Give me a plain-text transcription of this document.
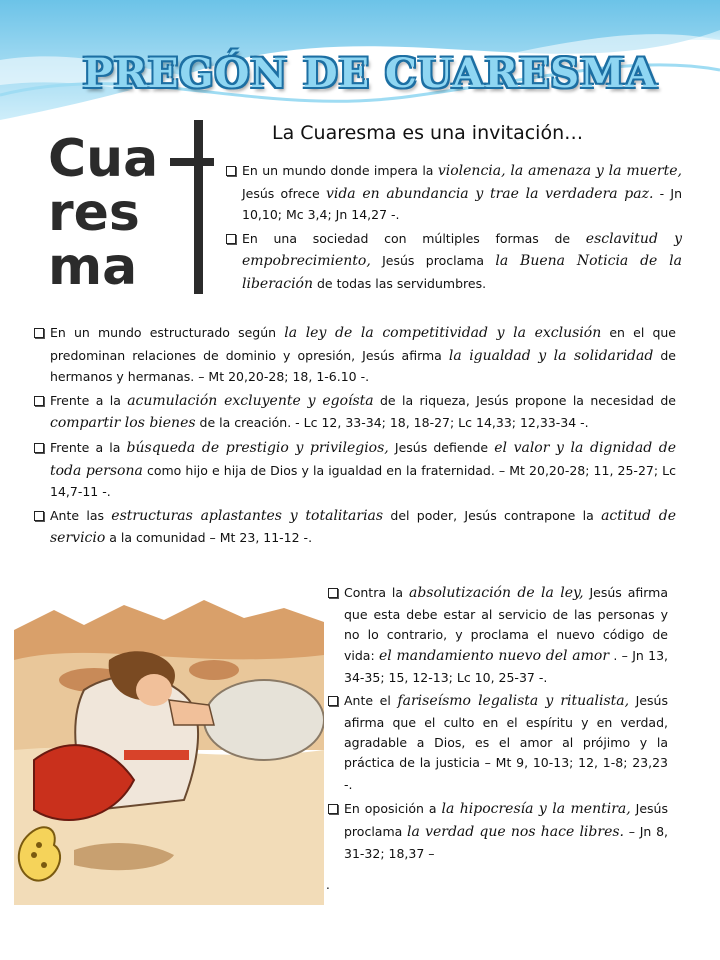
PREGÓN DE CUARESMA
Cua
res
ma
La Cuaresma es una invitación…
En un mundo donde impera la violencia, la amenaza y la muerte, Jesús ofrece vida en abundancia y trae la verdadera paz. - Jn 10,10; Mc 3,4; Jn 14,27 -.
En una sociedad con múltiples formas de esclavitud y empobrecimiento, Jesús proclama la Buena Noticia de la liberación de todas las servidumbres.
En un mundo estructurado según la ley de la competitividad y la exclusión en el que predominan relaciones de dominio y opresión, Jesús afirma la igualdad y la solidaridad de hermanos y hermanas. – Mt 20,20-28; 18, 1-6.10 -.
Frente a la acumulación excluyente y egoísta de la riqueza, Jesús propone la necesidad de compartir los bienes de la creación. - Lc 12, 33-34; 18, 18-27; Lc 14,33; 12,33-34 -.
Frente a la búsqueda de prestigio y privilegios, Jesús defiende el valor y la dignidad de toda persona como hijo e hija de Dios y la igualdad en la fraternidad. – Mt 20,20-28; 11, 25-27; Lc 14,7-11 -.
Ante las estructuras aplastantes y totalitarias del poder, Jesús contrapone la actitud de servicio a la comunidad – Mt 23, 11-12 -.
Contra la absolutización de la ley, Jesús afirma que esta debe estar al servicio de las personas y no lo contrario, y proclama el nuevo código de vida: el mandamiento nuevo del amor . – Jn 13, 34-35; 15, 12-13; Lc 10, 25-37 -.
Ante el fariseísmo legalista y ritualista, Jesús afirma que el culto en el espíritu y en verdad, agradable a Dios, es el amor al prójimo y la práctica de la justicia – Mt 9, 10-13; 12, 1-8; 23,23 -.
En oposición a la hipocresía y la mentira, Jesús proclama la verdad que nos hace libres. – Jn 8, 31-32; 18,37 –
.
